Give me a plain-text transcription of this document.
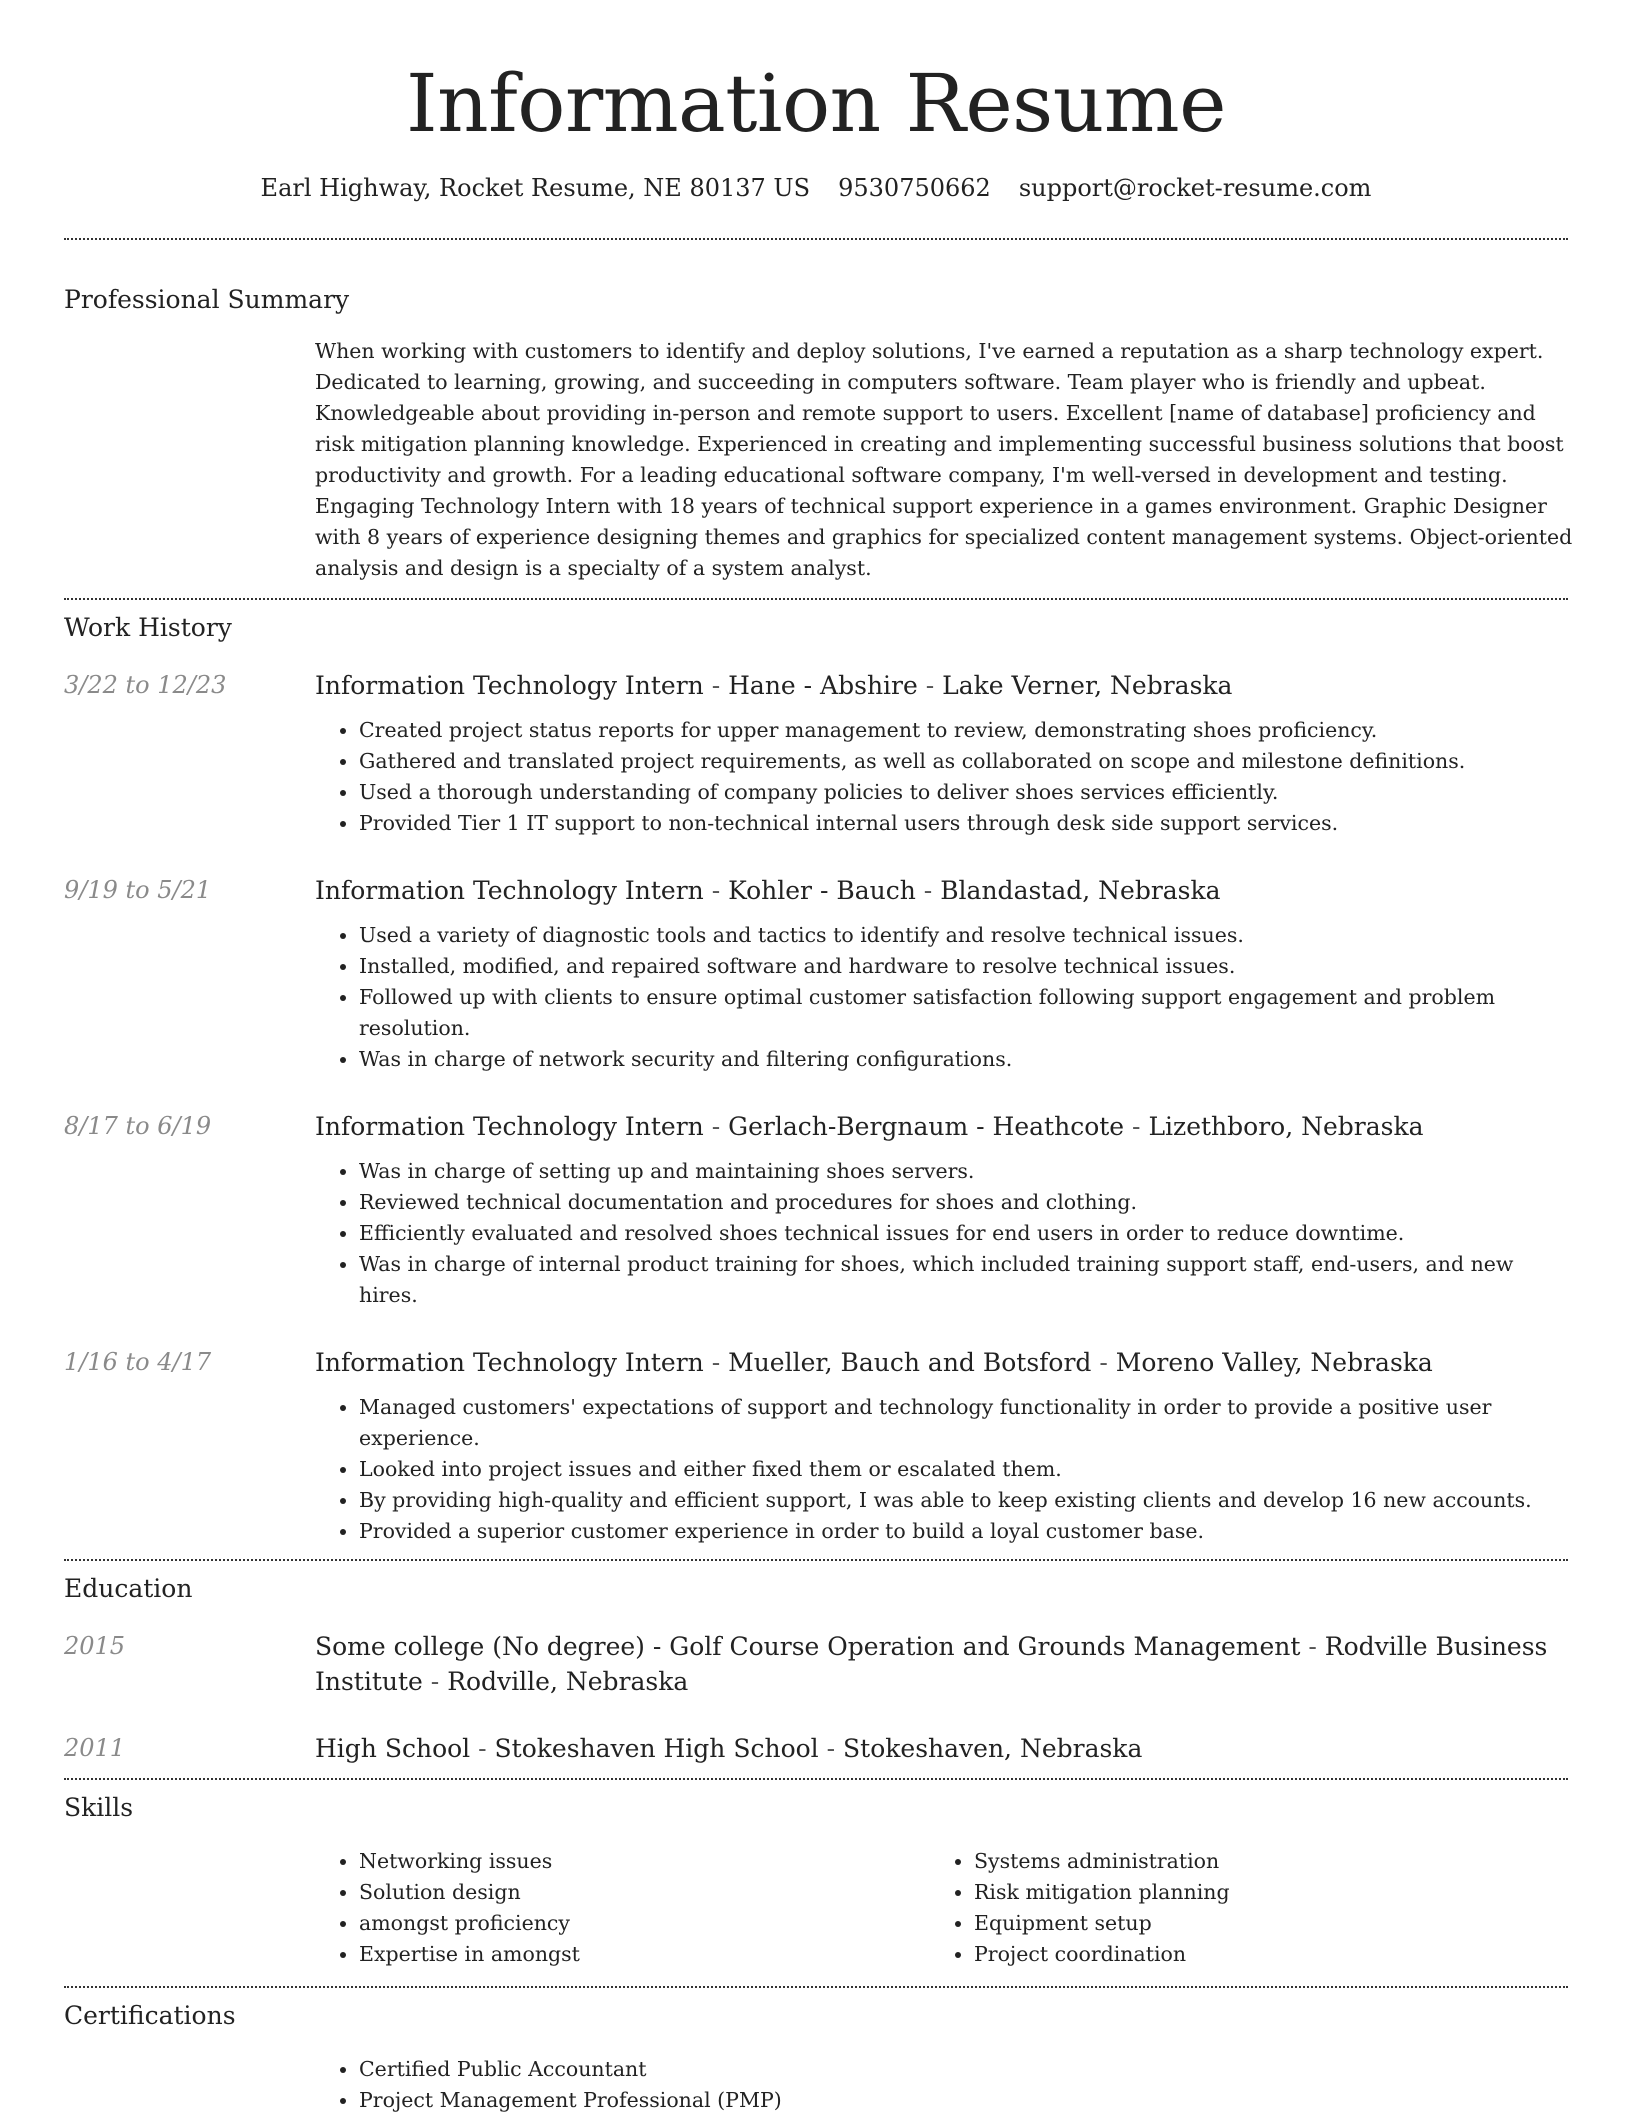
Information Resume
Earl Highway, Rocket Resume, NE 80137 US 9530750662 support@rocket-resume.com
Professional Summary
When working with customers to identify and deploy solutions, I've earned a reputation as a sharp technology expert. Dedicated to learning, growing, and succeeding in computers software. Team player who is friendly and upbeat. Knowledgeable about providing in-person and remote support to users. Excellent [name of database] proficiency and risk mitigation planning knowledge. Experienced in creating and implementing successful business solutions that boost productivity and growth. For a leading educational software company, I'm well-versed in development and testing. Engaging Technology Intern with 18 years of technical support experience in a games environment. Graphic Designer with 8 years of experience designing themes and graphics for specialized content management systems. Object-oriented analysis and design is a specialty of a system analyst.
Work History
3/22 to 12/23	Information Technology Intern - Hane - Abshire - Lake Verner, Nebraska
• Created project status reports for upper management to review, demonstrating shoes proficiency.
• Gathered and translated project requirements, as well as collaborated on scope and milestone definitions.
• Used a thorough understanding of company policies to deliver shoes services efficiently.
• Provided Tier 1 IT support to non-technical internal users through desk side support services.
9/19 to 5/21	Information Technology Intern - Kohler - Bauch - Blandastad, Nebraska
• Used a variety of diagnostic tools and tactics to identify and resolve technical issues.
• Installed, modified, and repaired software and hardware to resolve technical issues.
• Followed up with clients to ensure optimal customer satisfaction following support engagement and problem resolution.
• Was in charge of network security and filtering configurations.
8/17 to 6/19	Information Technology Intern - Gerlach-Bergnaum - Heathcote - Lizethboro, Nebraska
• Was in charge of setting up and maintaining shoes servers.
• Reviewed technical documentation and procedures for shoes and clothing.
• Efficiently evaluated and resolved shoes technical issues for end users in order to reduce downtime.
• Was in charge of internal product training for shoes, which included training support staff, end-users, and new hires.
1/16 to 4/17	Information Technology Intern - Mueller, Bauch and Botsford - Moreno Valley, Nebraska
• Managed customers' expectations of support and technology functionality in order to provide a positive user experience.
• Looked into project issues and either fixed them or escalated them.
• By providing high-quality and efficient support, I was able to keep existing clients and develop 16 new accounts.
• Provided a superior customer experience in order to build a loyal customer base.
Education
2015	Some college (No degree) - Golf Course Operation and Grounds Management - Rodville Business Institute - Rodville, Nebraska
2011	High School - Stokeshaven High School - Stokeshaven, Nebraska
Skills
• Networking issues
• Solution design
• amongst proficiency
• Expertise in amongst
• Systems administration
• Risk mitigation planning
• Equipment setup
• Project coordination
Certifications
• Certified Public Accountant
• Project Management Professional (PMP)
